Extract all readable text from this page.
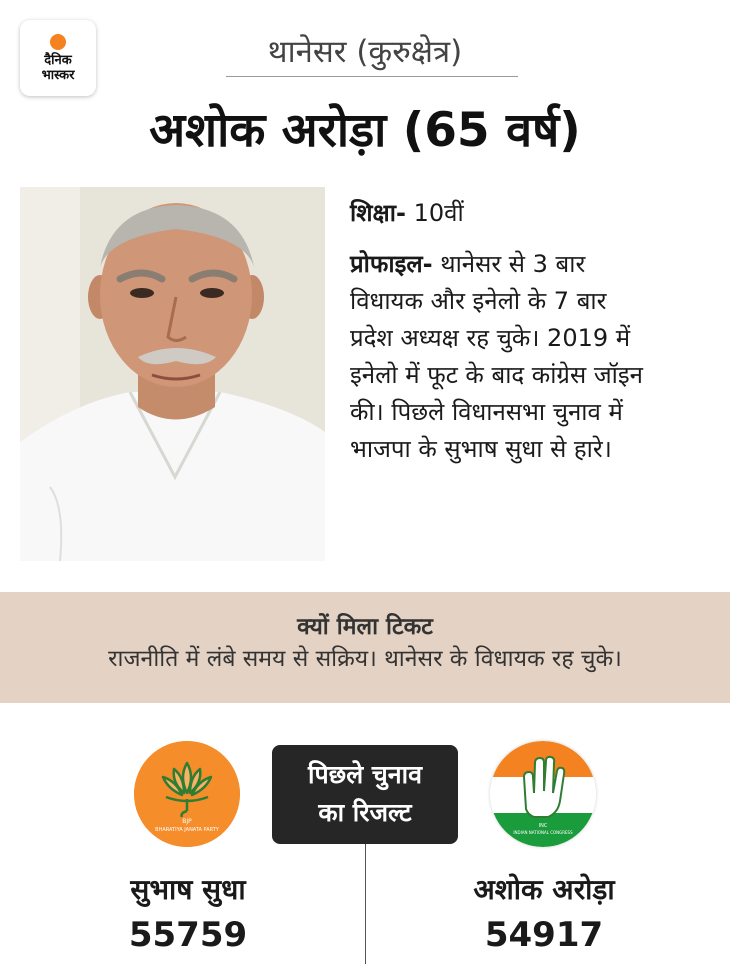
दैनिक
भास्कर
थानेसर (कुरुक्षेत्र)
अशोक अरोड़ा (65 वर्ष)
शिक्षा- 10वीं
प्रोफाइल- थानेसर से 3 बार विधायक और इनेलो के 7 बार प्रदेश अध्यक्ष रह चुके। 2019 में इनेलो में फूट के बाद कांग्रेस जॉइन की। पिछले विधानसभा चुनाव में भाजपा के सुभाष सुधा से हारे।
क्यों मिला टिकट
राजनीति में लंबे समय से सक्रिय। थानेसर के विधायक रह चुके।
BJP
BHARATIYA JANATA PARTY
INC
INDIAN NATIONAL CONGRESS
पिछले चुनाव
का रिजल्ट
सुभाष सुधा
55759
अशोक अरोड़ा
54917
